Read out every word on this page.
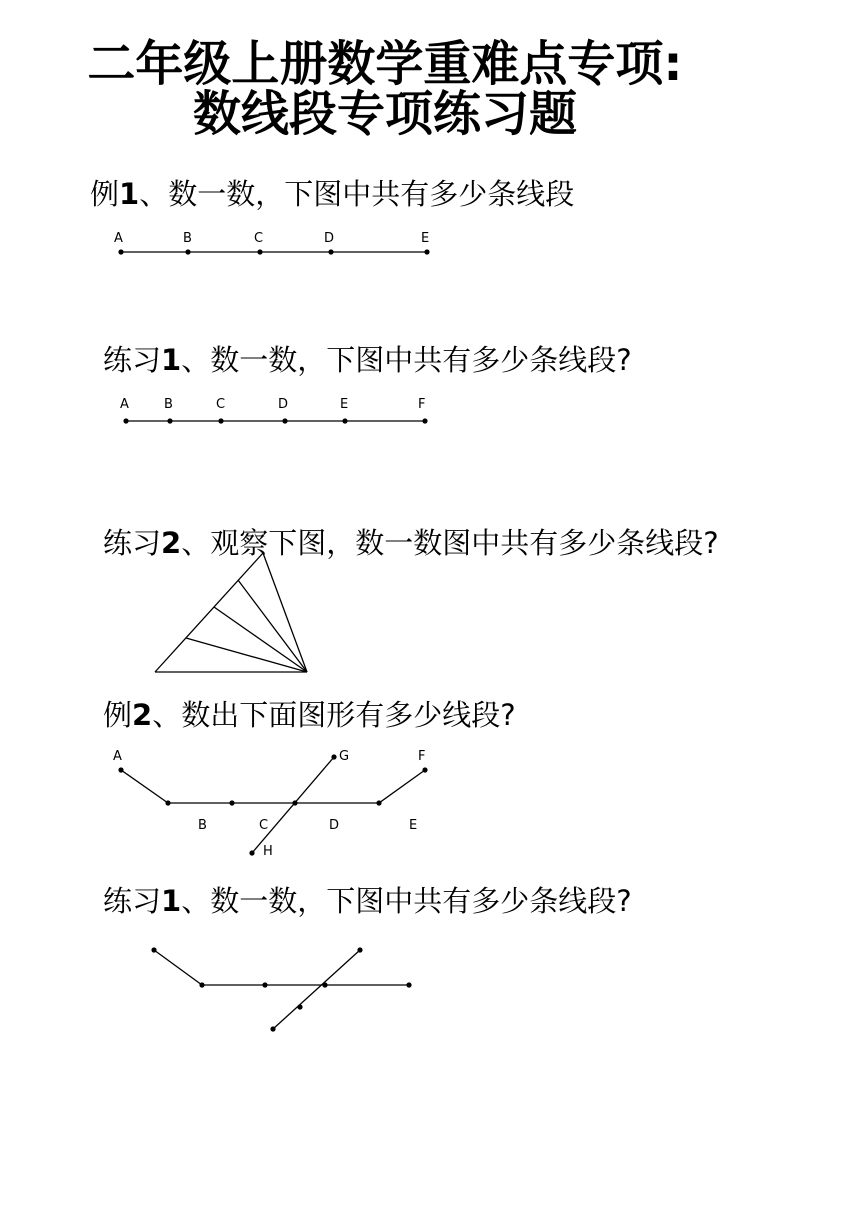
二年级上册数学重难点专项:
数线段专项练习题
例1、数一数，下图中共有多少条线段
练习1、数一数，下图中共有多少条线段?
练习2、观察下图，数一数图中共有多少条线段?
例2、数出下面图形有多少线段?
练习1、数一数，下图中共有多少条线段?
A	B	C	D	E
A	B	C	D	E	F
A
B	C	D	E
F
G
H
